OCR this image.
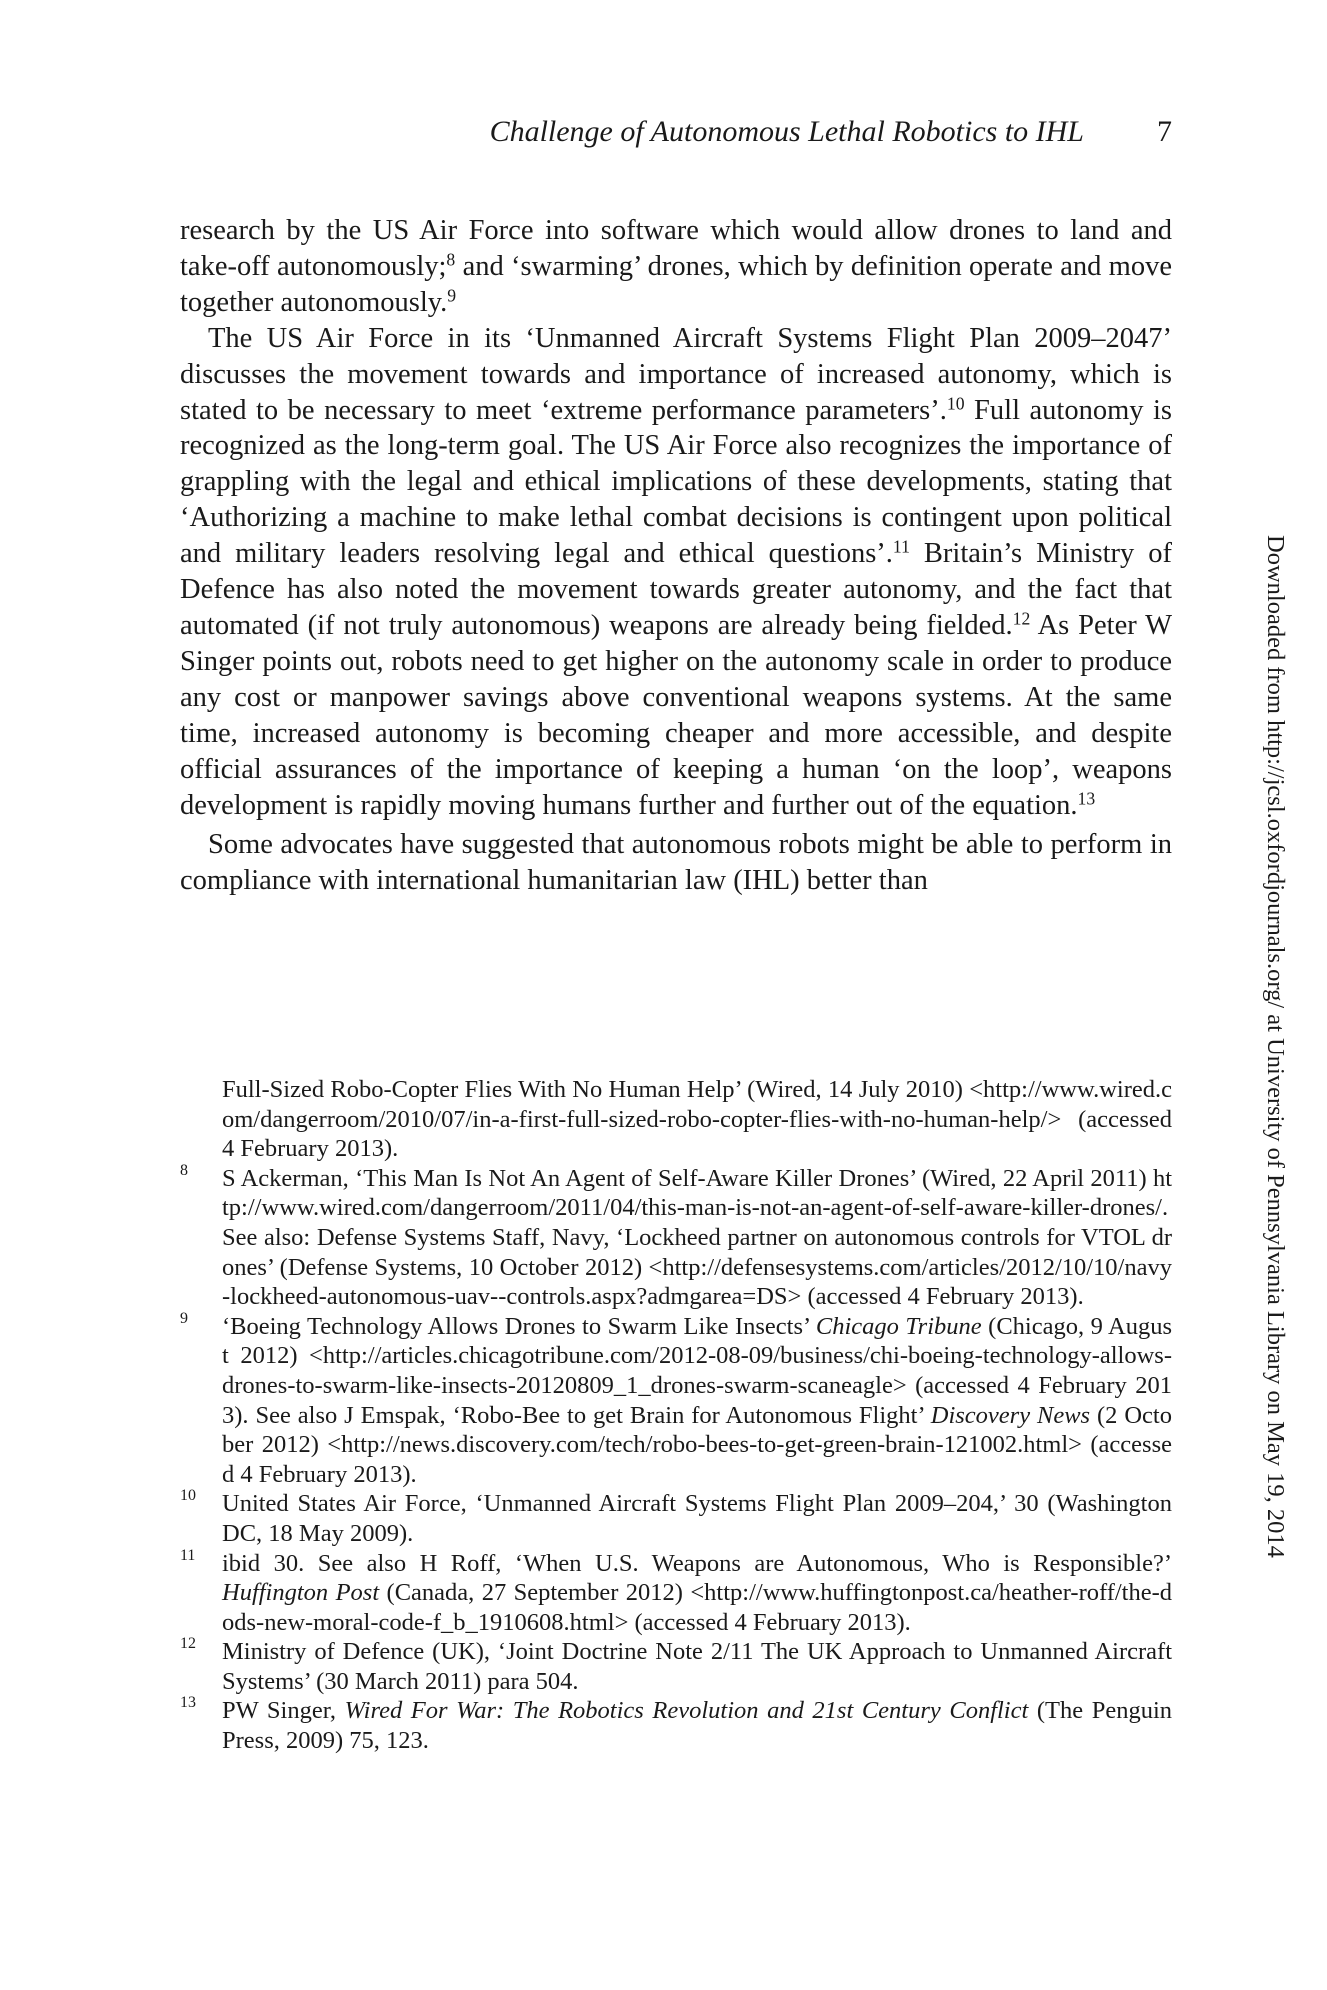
Challenge of Autonomous Lethal Robotics to IHL 7

research by the US Air Force into software which would allow drones to land and take-off autonomously;$^8$ and ‘swarming’ drones, which by definition operate and move together autonomously.$^9$

The US Air Force in its ‘Unmanned Aircraft Systems Flight Plan 2009–2047’ discusses the movement towards and importance of increased autonomy, which is stated to be necessary to meet ‘extreme performance parameters’.$^{10}$ Full autonomy is recognized as the long-term goal. The US Air Force also recognizes the importance of grappling with the legal and ethical implications of these developments, stating that ‘Authorizing a machine to make lethal combat decisions is contingent upon political and military leaders resolving legal and ethical questions’.$^{11}$ Britain’s Ministry of Defence has also noted the movement towards greater autonomy, and the fact that automated (if not truly autonomous) weapons are already being fielded.$^{12}$ As Peter W Singer points out, robots need to get higher on the autonomy scale in order to produce any cost or manpower savings above conventional weapons systems. At the same time, increased autonomy is becoming cheaper and more accessible, and despite official assurances of the importance of keeping a human ‘on the loop’, weapons development is rapidly moving humans further and further out of the equation.$^{13}$

Some advocates have suggested that autonomous robots might be able to perform in compliance with international humanitarian law (IHL) better than

Full-Sized Robo-Copter Flies With No Human Help’ (Wired, 14 July 2010) <http://www.wired.com/dangerroom/2010/07/in-a-first-full-sized-robo-copter-flies-with-no-human-help/> (accessed 4 February 2013).
8 S Ackerman, ‘This Man Is Not An Agent of Self-Aware Killer Drones’ (Wired, 22 April 2011) http://www.wired.com/dangerroom/2011/04/this-man-is-not-an-agent-of-self-aware-killer-drones/. See also: Defense Systems Staff, Navy, ‘Lockheed partner on autonomous controls for VTOL drones’ (Defense Systems, 10 October 2012) <http://defensesystems.com/articles/2012/10/10/navy-lockheed-autonomous-uav--controls.aspx?admgarea=DS> (accessed 4 February 2013).
9 ‘Boeing Technology Allows Drones to Swarm Like Insects’ Chicago Tribune (Chicago, 9 August 2012) <http://articles.chicagotribune.com/2012-08-09/business/chi-boeing-technology-allows-drones-to-swarm-like-insects-20120809_1_drones-swarm-scaneagle> (accessed 4 February 2013). See also J Emspak, ‘Robo-Bee to get Brain for Autonomous Flight’ Discovery News (2 October 2012) <http://news.discovery.com/tech/robo-bees-to-get-green-brain-121002.html> (accessed 4 February 2013).
10 United States Air Force, ‘Unmanned Aircraft Systems Flight Plan 2009–204,’ 30 (Washington DC, 18 May 2009).
11 ibid 30. See also H Roff, ‘When U.S. Weapons are Autonomous, Who is Responsible?’ Huffington Post (Canada, 27 September 2012) <http://www.huffingtonpost.ca/heather-roff/the-dods-new-moral-code-f_b_1910608.html> (accessed 4 February 2013).
12 Ministry of Defence (UK), ‘Joint Doctrine Note 2/11 The UK Approach to Unmanned Aircraft Systems’ (30 March 2011) para 504.
13 PW Singer, Wired For War: The Robotics Revolution and 21st Century Conflict (The Penguin Press, 2009) 75, 123.
Downloaded from http://jcsl.oxfordjournals.org/ at University of Pennsylvania Library on May 19, 2014
